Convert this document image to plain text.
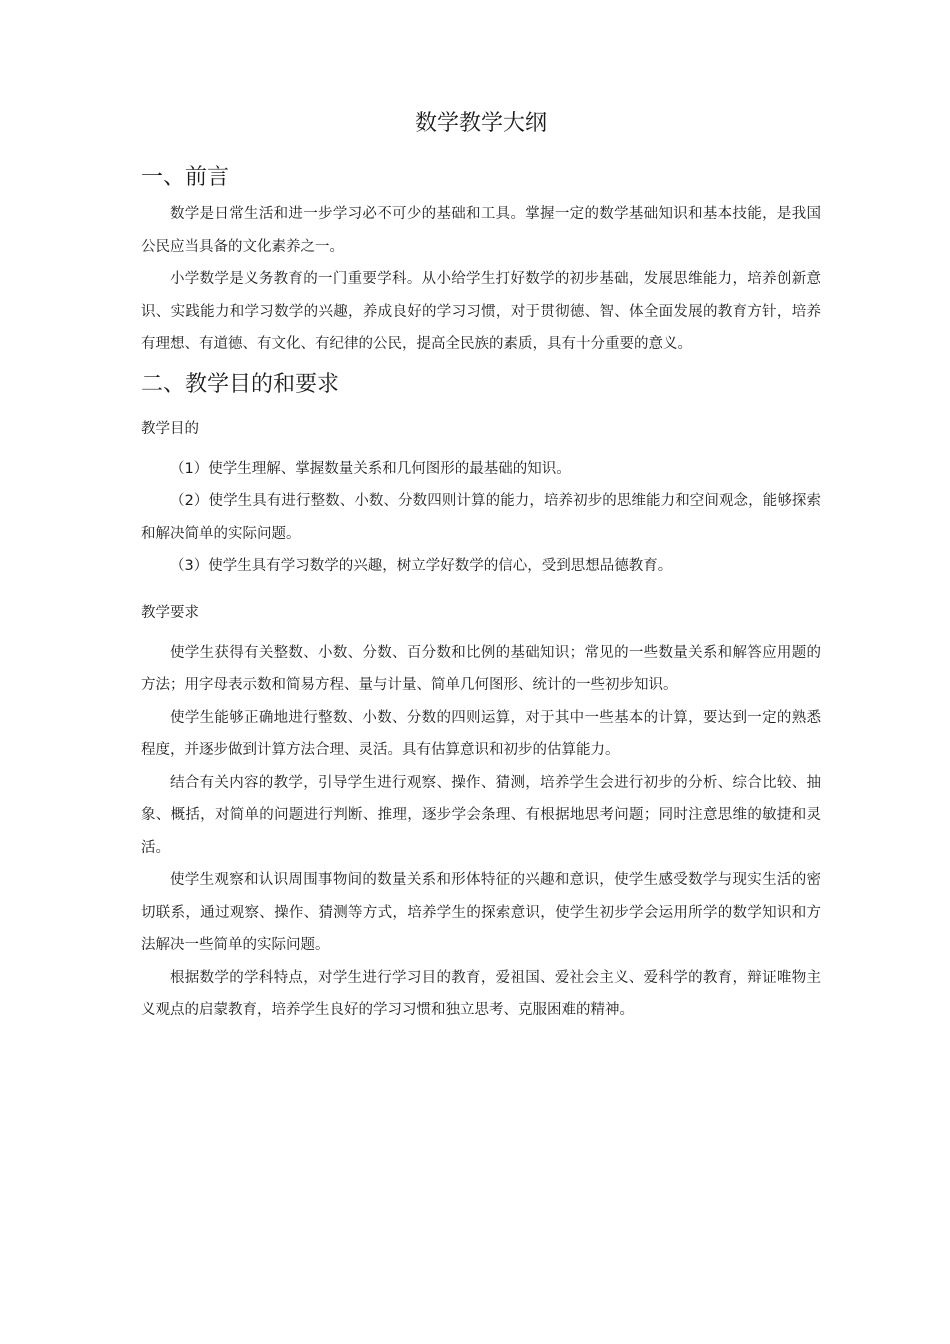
数学教学大纲
一、前言

数学是日常生活和进一步学习必不可少的基础和工具。掌握一定的数学基础知识和基本技能，是我国公民应当具备的文化素养之一。

小学数学是义务教育的一门重要学科。从小给学生打好数学的初步基础，发展思维能力，培养创新意识、实践能力和学习数学的兴趣，养成良好的学习习惯，对于贯彻德、智、体全面发展的教育方针，培养有理想、有道德、有文化、有纪律的公民，提高全民族的素质，具有十分重要的意义。

二、教学目的和要求
教学目的

（1）使学生理解、掌握数量关系和几何图形的最基础的知识。

（2）使学生具有进行整数、小数、分数四则计算的能力，培养初步的思维能力和空间观念，能够探索和解决简单的实际问题。

（3）使学生具有学习数学的兴趣，树立学好数学的信心，受到思想品德教育。

教学要求

使学生获得有关整数、小数、分数、百分数和比例的基础知识；常见的一些数量关系和解答应用题的方法；用字母表示数和简易方程、量与计量、简单几何图形、统计的一些初步知识。

使学生能够正确地进行整数、小数、分数的四则运算，对于其中一些基本的计算，要达到一定的熟悉程度，并逐步做到计算方法合理、灵活。具有估算意识和初步的估算能力。

结合有关内容的教学，引导学生进行观察、操作、猜测，培养学生会进行初步的分析、综合比较、抽象、概括，对简单的问题进行判断、推理，逐步学会条理、有根据地思考问题；同时注意思维的敏捷和灵活。

使学生观察和认识周围事物间的数量关系和形体特征的兴趣和意识，使学生感受数学与现实生活的密切联系，通过观察、操作、猜测等方式，培养学生的探索意识，使学生初步学会运用所学的数学知识和方法解决一些简单的实际问题。

根据数学的学科特点，对学生进行学习目的教育，爱祖国、爱社会主义、爱科学的教育，辩证唯物主义观点的启蒙教育，培养学生良好的学习习惯和独立思考、克服困难的精神。
